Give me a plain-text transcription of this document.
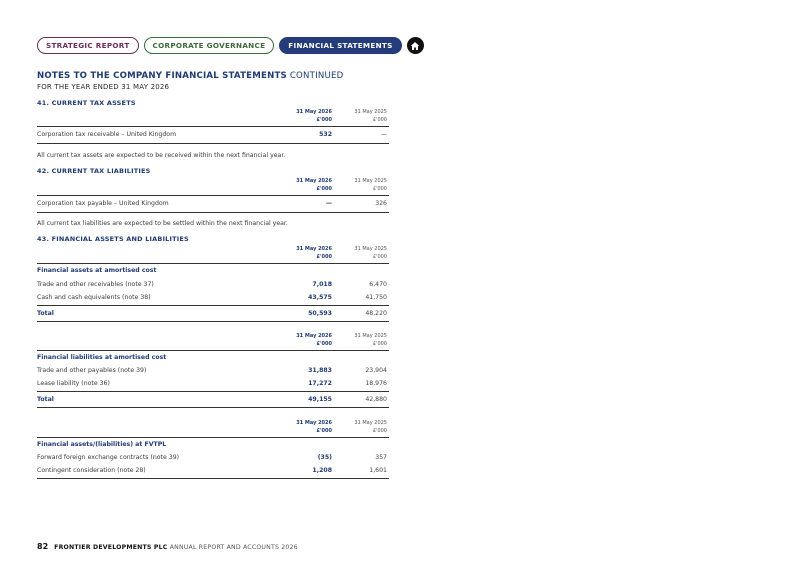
STRATEGIC REPORT	CORPORATE GOVERNANCE	FINANCIAL STATEMENTS
NOTES TO THE COMPANY FINANCIAL STATEMENTS CONTINUED
FOR THE YEAR ENDED 31 MAY 2026
41. CURRENT TAX ASSETS
31 May 2026
£'000
31 May 2025
£'000
Corporation tax receivable – United Kingdom	532	—
All current tax assets are expected to be received within the next financial year.
42. CURRENT TAX LIABILITIES
31 May 2026
£'000
31 May 2025
£'000
Corporation tax payable – United Kingdom	—	326
All current tax liabilities are expected to be settled within the next financial year.
43. FINANCIAL ASSETS AND LIABILITIES
31 May 2026
£'000
31 May 2025
£'000
Financial assets at amortised cost
Trade and other receivables (note 37)	7,018	6,470
Cash and cash equivalents (note 38)	43,575	41,750
Total	50,593	48,220
31 May 2026
£'000
31 May 2025
£'000
Financial liabilities at amortised cost
Trade and other payables (note 39)	31,883	23,904
Lease liability (note 36)	17,272	18,976
Total	49,155	42,880
31 May 2026
£'000
31 May 2025
£'000
Financial assets/(liabilities) at FVTPL
Forward foreign exchange contracts (note 39)	(35)	357
Contingent consideration (note 28)	1,208	1,601
82 FRONTIER DEVELOPMENTS PLC ANNUAL REPORT AND ACCOUNTS 2026
